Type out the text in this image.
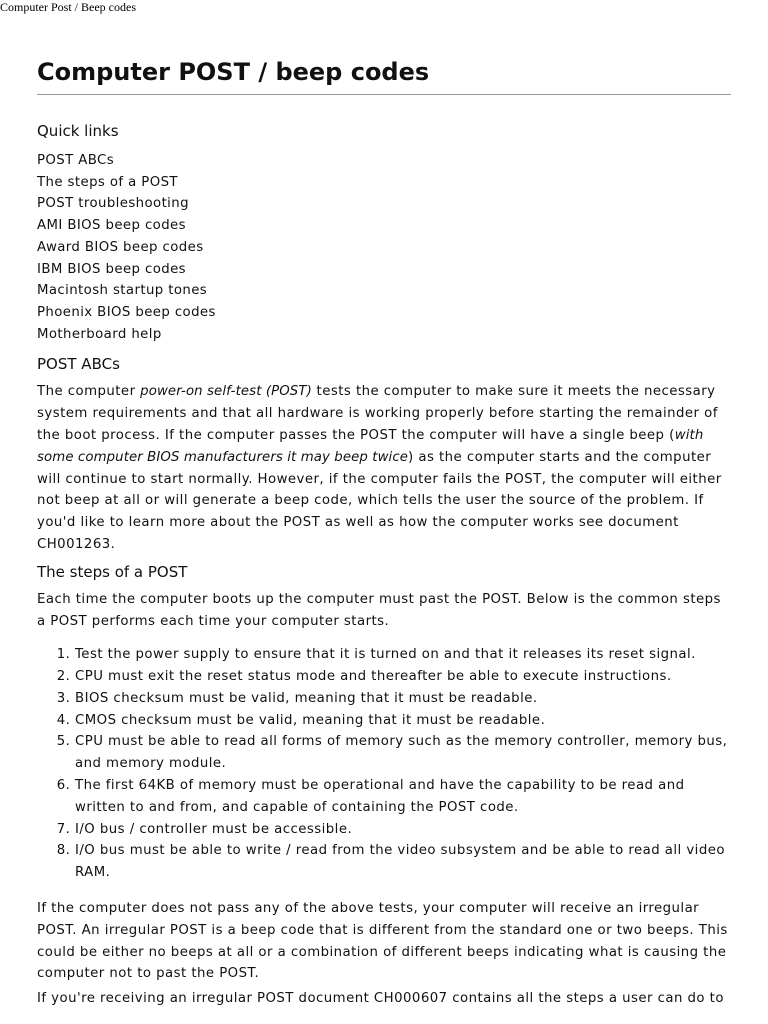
Computer Post / Beep codes
Computer POST / beep codes
Quick links
POST ABCs
The steps of a POST
POST troubleshooting
AMI BIOS beep codes
Award BIOS beep codes
IBM BIOS beep codes
Macintosh startup tones
Phoenix BIOS beep codes
Motherboard help
POST ABCs

The computer power-on self-test (POST) tests the computer to make sure it meets the necessary system requirements and that all hardware is working properly before starting the remainder of the boot process. If the computer passes the POST the computer will have a single beep (with some computer BIOS manufacturers it may beep twice) as the computer starts and the computer will continue to start normally. However, if the computer fails the POST, the computer will either not beep at all or will generate a beep code, which tells the user the source of the problem. If you'd like to learn more about the POST as well as how the computer works see document CH001263.

The steps of a POST

Each time the computer boots up the computer must past the POST. Below is the common steps a POST performs each time your computer starts.

1. Test the power supply to ensure that it is turned on and that it releases its reset signal.
2. CPU must exit the reset status mode and thereafter be able to execute instructions.
3. BIOS checksum must be valid, meaning that it must be readable.
4. CMOS checksum must be valid, meaning that it must be readable.
5. CPU must be able to read all forms of memory such as the memory controller, memory bus, and memory module.
6. The first 64KB of memory must be operational and have the capability to be read and written to and from, and capable of containing the POST code.
7. I/O bus / controller must be accessible.
8. I/O bus must be able to write / read from the video subsystem and be able to read all video RAM.

If the computer does not pass any of the above tests, your computer will receive an irregular POST. An irregular POST is a beep code that is different from the standard one or two beeps. This could be either no beeps at all or a combination of different beeps indicating what is causing the computer not to past the POST.

If you're receiving an irregular POST document CH000607 contains all the steps a user can do to
